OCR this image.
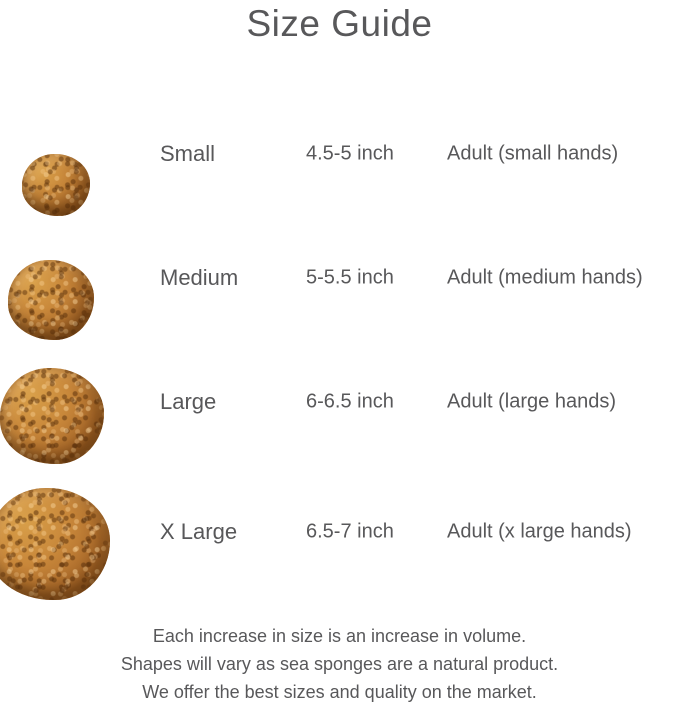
Size Guide
Small	4.5-5 inch	Adult (small hands)
Medium	5-5.5 inch	Adult (medium hands)
Large	6-6.5 inch	Adult (large hands)
X Large	6.5-7 inch	Adult (x large hands)
Each increase in size is an increase in volume.
Shapes will vary as sea sponges are a natural product.
We offer the best sizes and quality on the market.
